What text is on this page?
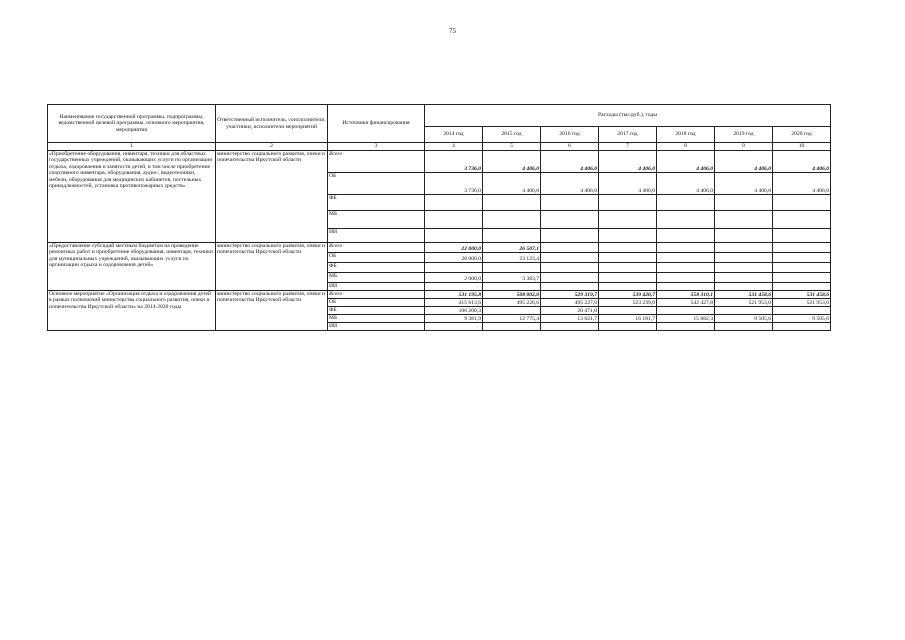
75
Наименование государственной программы, подпрограммы, ведомственной целевой программы, основного мероприятия, мероприятия	Ответственный исполнитель, соисполнители, участники, исполнители мероприятий	Источники финансирования	Расходы (тыс.руб.), годы						
			2014 год	2015 год	2016 год	2017 год	2018 год	2019 год	2020 год
1	2	3	4	5	6	7	8	9	10
«Приобретение оборудования, инвентаря, техники для областных государственных учреждений, оказывающих услуги по организации отдыха, оздоровления и занятости детей, в том числе приобретение спортивного инвентаря, оборудования, аудио-, видеотехники, мебели, оборудования для медицинских кабинетов, постельных принадлежностей, установка противопожарных средств»	министерство социального развития, опеки и попечительства Иркутской области	Всего	3 736,0	4 406,0	4 406,0	4 406,0	4 406,0	4 406,0	4 406,0
		ОБ	3 736,0	4 406,0	4 406,0	4 406,0	4 406,0	4 406,0	4 406,0
		ФБ							
		МБ							
		ИИ							
«Предоставление субсидий местным бюджетам на проведение ремонтных работ и приобретение оборудования, инвентаря, техники для муниципальных учреждений, оказывающих услуги по организации отдыха и оздоровления детей»	министерство социального развития, опеки и попечительства Иркутской области	Всего	22 000,0	26 507,1					
		ОБ	20 000,0	23 123,4					
		ФБ							
		МБ	2 000,0	3 383,7					
		ИИ							
Основное мероприятие «Организация отдыха и оздоровления детей в рамках полномочий министерства социального развития, опеки и попечительства Иркутской области» на 2014-2020 годы	министерство социального развития, опеки и попечительства Иркутской области	Всего	531 195,8	508 002,0	529 319,7	539 420,7	558 310,1	531 458,6	531 458,6
		ОБ	415 613,6	495 226,6	495 227,0	523 239,0	542 427,8	521 953,0	521 953,0
		ФБ	106 200,3		20 471,0				
		МБ	9 381,9	12 775,4	13 621,7	16 181,7	15 882,3	9 505,6	9 505,6
		ИИ							
